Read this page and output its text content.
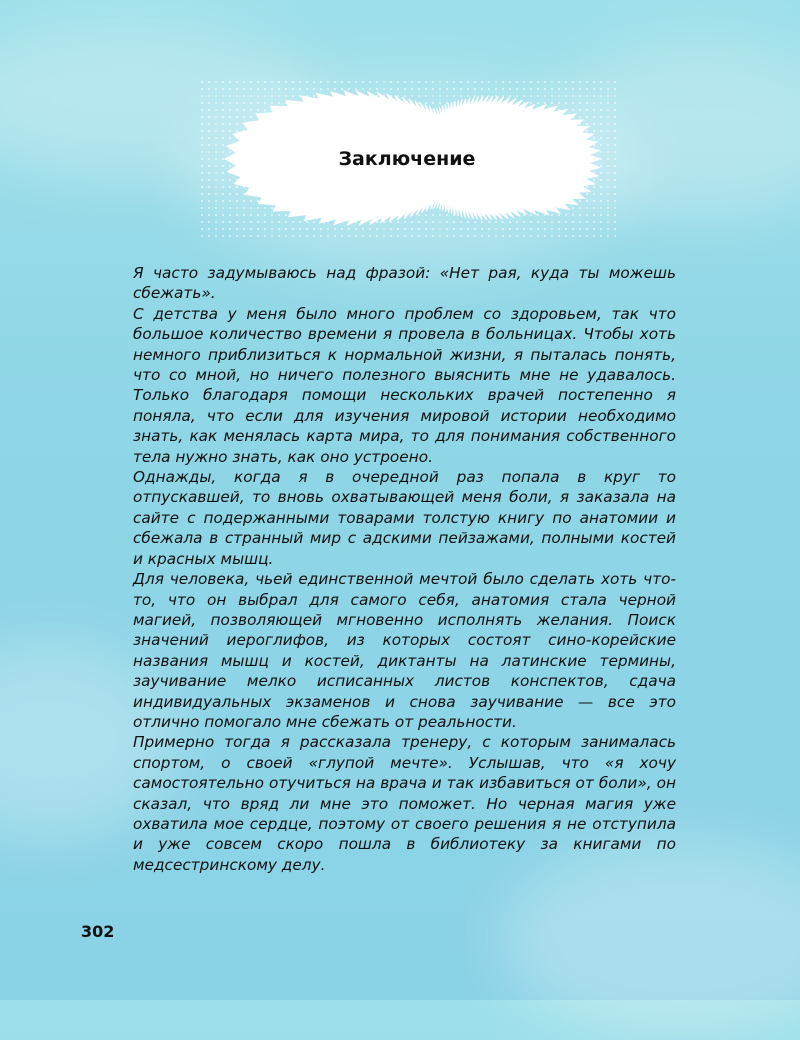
Заключение

Я часто задумываюсь над фразой: «Нет рая, куда ты можешь сбежать».

С детства у меня было много проблем со здоровьем, так что большое количество времени я провела в больницах. Чтобы хоть немного приблизиться к нормальной жизни, я пыталась понять, что со мной, но ничего полезного выяснить мне не удавалось. Только благодаря помощи нескольких врачей постепенно я поняла, что если для изучения мировой истории необходимо знать, как менялась карта мира, то для понимания собственного тела нужно знать, как оно устроено.

Однажды, когда я в очередной раз попала в круг то отпускавшей, то вновь охватывающей меня боли, я заказала на сайте с подержанными товарами толстую книгу по анатомии и сбежала в странный мир с адскими пейзажами, полными костей и красных мышц.

Для человека, чьей единственной мечтой было сделать хоть что-то, что он выбрал для самого себя, анатомия стала черной магией, позволяющей мгновенно исполнять желания. Поиск значений иероглифов, из которых состоят сино-корейские названия мышц и костей, диктанты на латинские термины, заучивание мелко исписанных листов конспектов, сдача индивидуальных экзаменов и снова заучивание — все это отлично помогало мне сбежать от реальности.

Примерно тогда я рассказала тренеру, с которым занималась спортом, о своей «глупой мечте». Услышав, что «я хочу самостоятельно отучиться на врача и так избавиться от боли», он сказал, что вряд ли мне это поможет. Но черная магия уже охватила мое сердце, поэтому от своего решения я не отступила и уже совсем скоро пошла в библиотеку за книгами по медсестринскому делу.

302
